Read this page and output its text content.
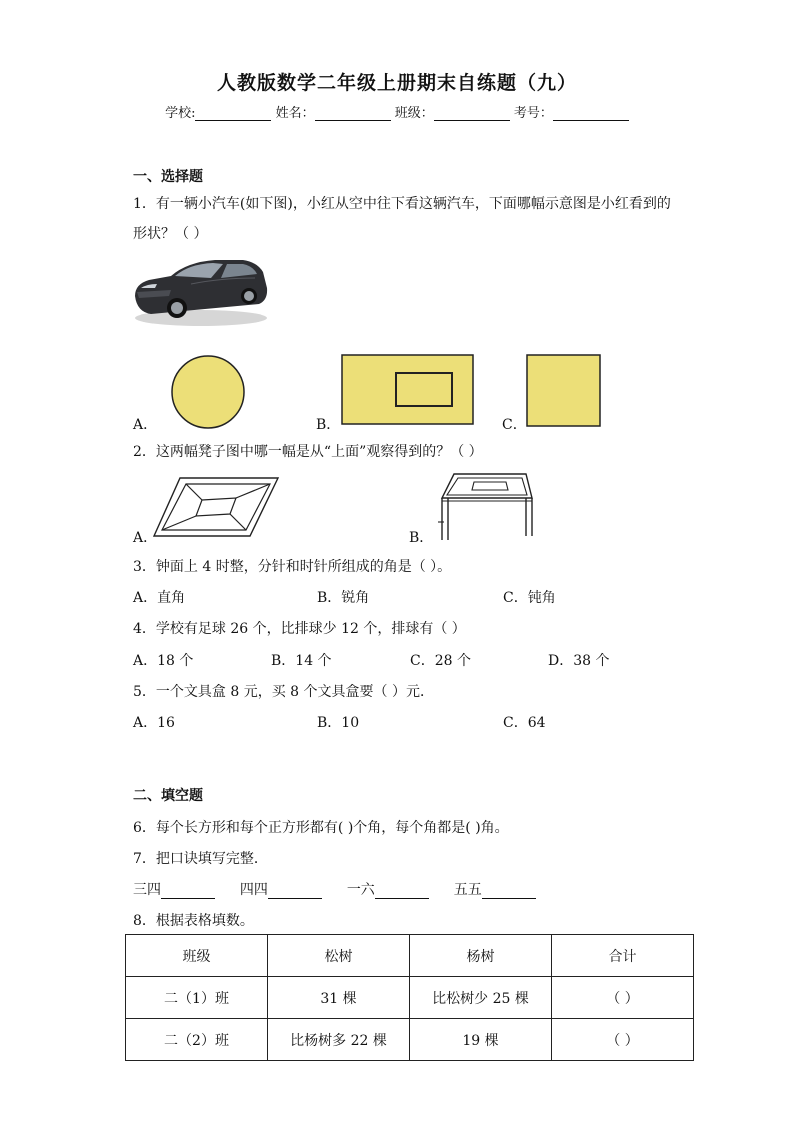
人教版数学二年级上册期末自练题（九）
学校:	姓名：	班级：	考号：
一、选择题
1．有一辆小汽车(如下图)，小红从空中往下看这辆汽车，下面哪幅示意图是小红看到的
形状？（ ）
A．	B．	C．
2．这两幅凳子图中哪一幅是从“上面”观察得到的？（ ）
A．	B．
3．钟面上 4 时整，分针和时针所组成的角是（ ）。
A．直角	B．锐角	C．钝角
4．学校有足球 26 个，比排球少 12 个，排球有（ ）
A．18 个	B．14 个	C．28 个	D．38 个
5．一个文具盒 8 元，买 8 个文具盒要（ ）元．
A．16	B．10	C．64
二、填空题
6．每个长方形和每个正方形都有( )个角，每个角都是( )角。
7．把口诀填写完整．
三四	四四	一六	五五
8．根据表格填数。
班级	松树	杨树	合计
二（1）班	31 棵	比松树少 25 棵	（ ）
二（2）班	比杨树多 22 棵	19 棵	（ ）
